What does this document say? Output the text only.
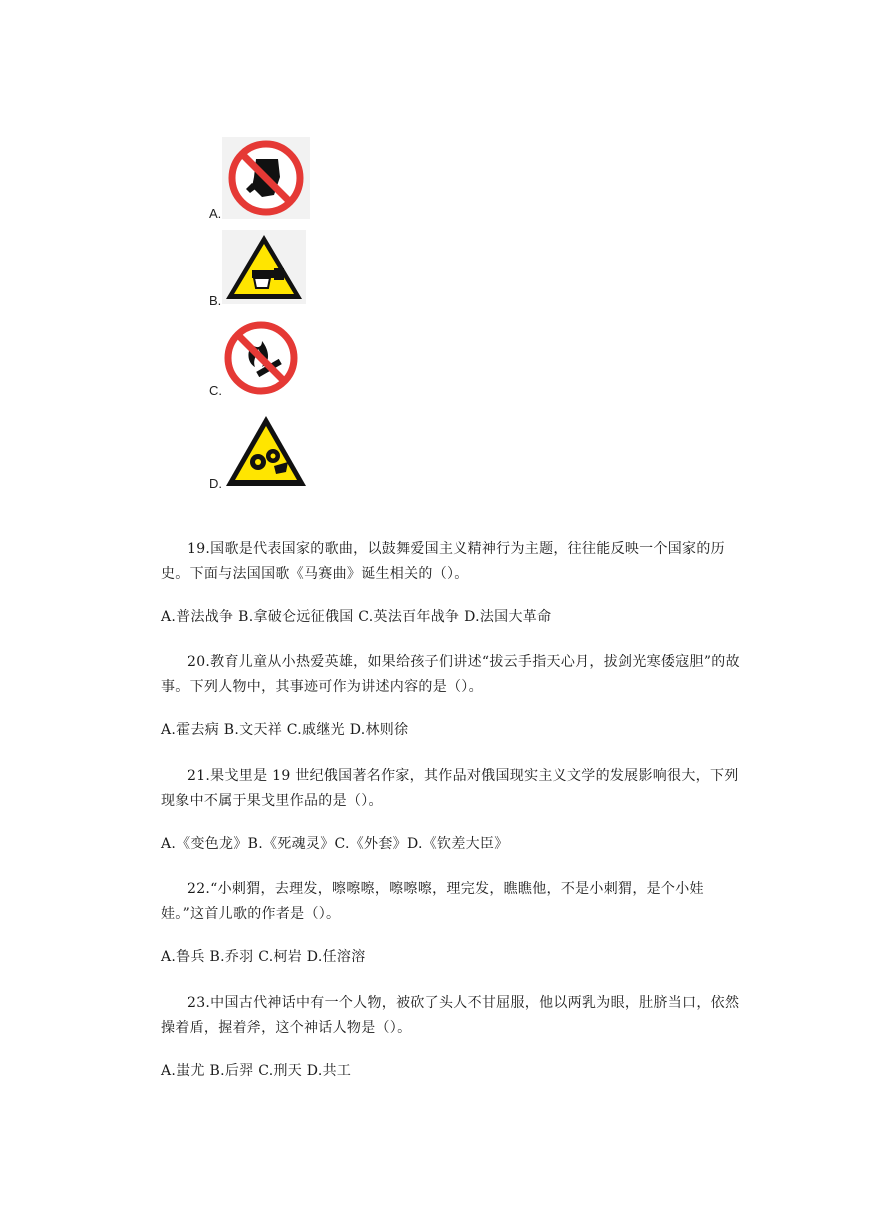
A.
B.
C.
D.
19.国歌是代表国家的歌曲，以鼓舞爱国主义精神行为主题，往往能反映一个国家的历史。下面与法国国歌《马赛曲》诞生相关的（）。
A.普法战争 B.拿破仑远征俄国 C.英法百年战争 D.法国大革命
20.教育儿童从小热爱英雄，如果给孩子们讲述“拔云手指天心月，拔剑光寒倭寇胆”的故事。下列人物中，其事迹可作为讲述内容的是（）。
A.霍去病 B.文天祥 C.戚继光 D.林则徐
21.果戈里是 19 世纪俄国著名作家，其作品对俄国现实主义文学的发展影响很大，下列现象中不属于果戈里作品的是（）。
A.《变色龙》B.《死魂灵》C.《外套》D.《钦差大臣》
22.“小刺猬，去理发，嚓嚓嚓，嚓嚓嚓，理完发，瞧瞧他，不是小刺猬，是个小娃娃。”这首儿歌的作者是（）。
A.鲁兵 B.乔羽 C.柯岩 D.任溶溶
23.中国古代神话中有一个人物，被砍了头人不甘屈服，他以两乳为眼，肚脐当口，依然操着盾，握着斧，这个神话人物是（）。
A.蚩尤 B.后羿 C.刑天 D.共工
